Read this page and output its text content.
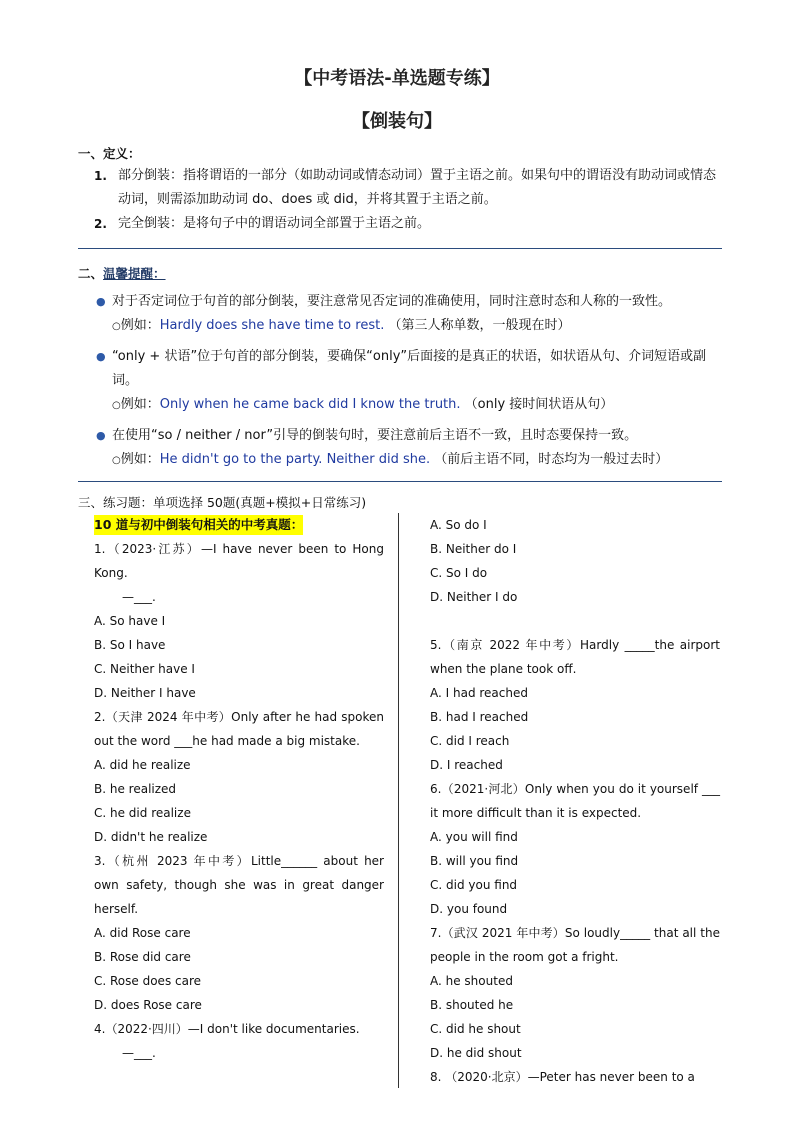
【中考语法-单选题专练】
【倒装句】
一、定义：
1. 部分倒装：指将谓语的一部分（如助动词或情态动词）置于主语之前。如果句中的谓语没有助动词或情态动词，则需添加助动词 do、does 或 did，并将其置于主语之前。
2. 完全倒装：是将句子中的谓语动词全部置于主语之前。
二、温馨提醒：
● 对于否定词位于句首的部分倒装，要注意常见否定词的准确使用，同时注意时态和人称的一致性。
○例如：Hardly does she have time to rest. （第三人称单数，一般现在时）
● “only + 状语”位于句首的部分倒装，要确保“only”后面接的是真正的状语，如状语从句、介词短语或副词。
○例如：Only when he came back did I know the truth. （only 接时间状语从句）
● 在使用“so / neither / nor”引导的倒装句时，要注意前后主语不一致，且时态要保持一致。
○例如：He didn't go to the party. Neither did she. （前后主语不同，时态均为一般过去时）
三、练习题：单项选择 50题(真题+模拟+日常练习)
10 道与初中倒装句相关的中考真题：
1.（2023·江苏）—I have never been to Hong Kong.
—___.
A. So have I
B. So I have
C. Neither have I
D. Neither I have
2.（天津 2024 年中考）Only after he had spoken out the word ___he had made a big mistake.
A. did he realize
B. he realized
C. he did realize
D. didn't he realize
3.（杭州 2023 年中考）Little______ about her own safety, though she was in great danger herself.
A. did Rose care
B. Rose did care
C. Rose does care
D. does Rose care
4.（2022·四川）—I don't like documentaries.
—___.
A. So do I
B. Neither do I
C. So I do
D. Neither I do
5.（南京 2022 年中考）Hardly _____the airport when the plane took off.
A. I had reached
B. had I reached
C. did I reach
D. I reached
6.（2021·河北）Only when you do it yourself ___ it more difficult than it is expected.
A. you will find
B. will you find
C. did you find
D. you found
7.（武汉 2021 年中考）So loudly_____ that all the people in the room got a fright.
A. he shouted
B. shouted he
C. did he shout
D. he did shout
8. （2020·北京）—Peter has never been to a
